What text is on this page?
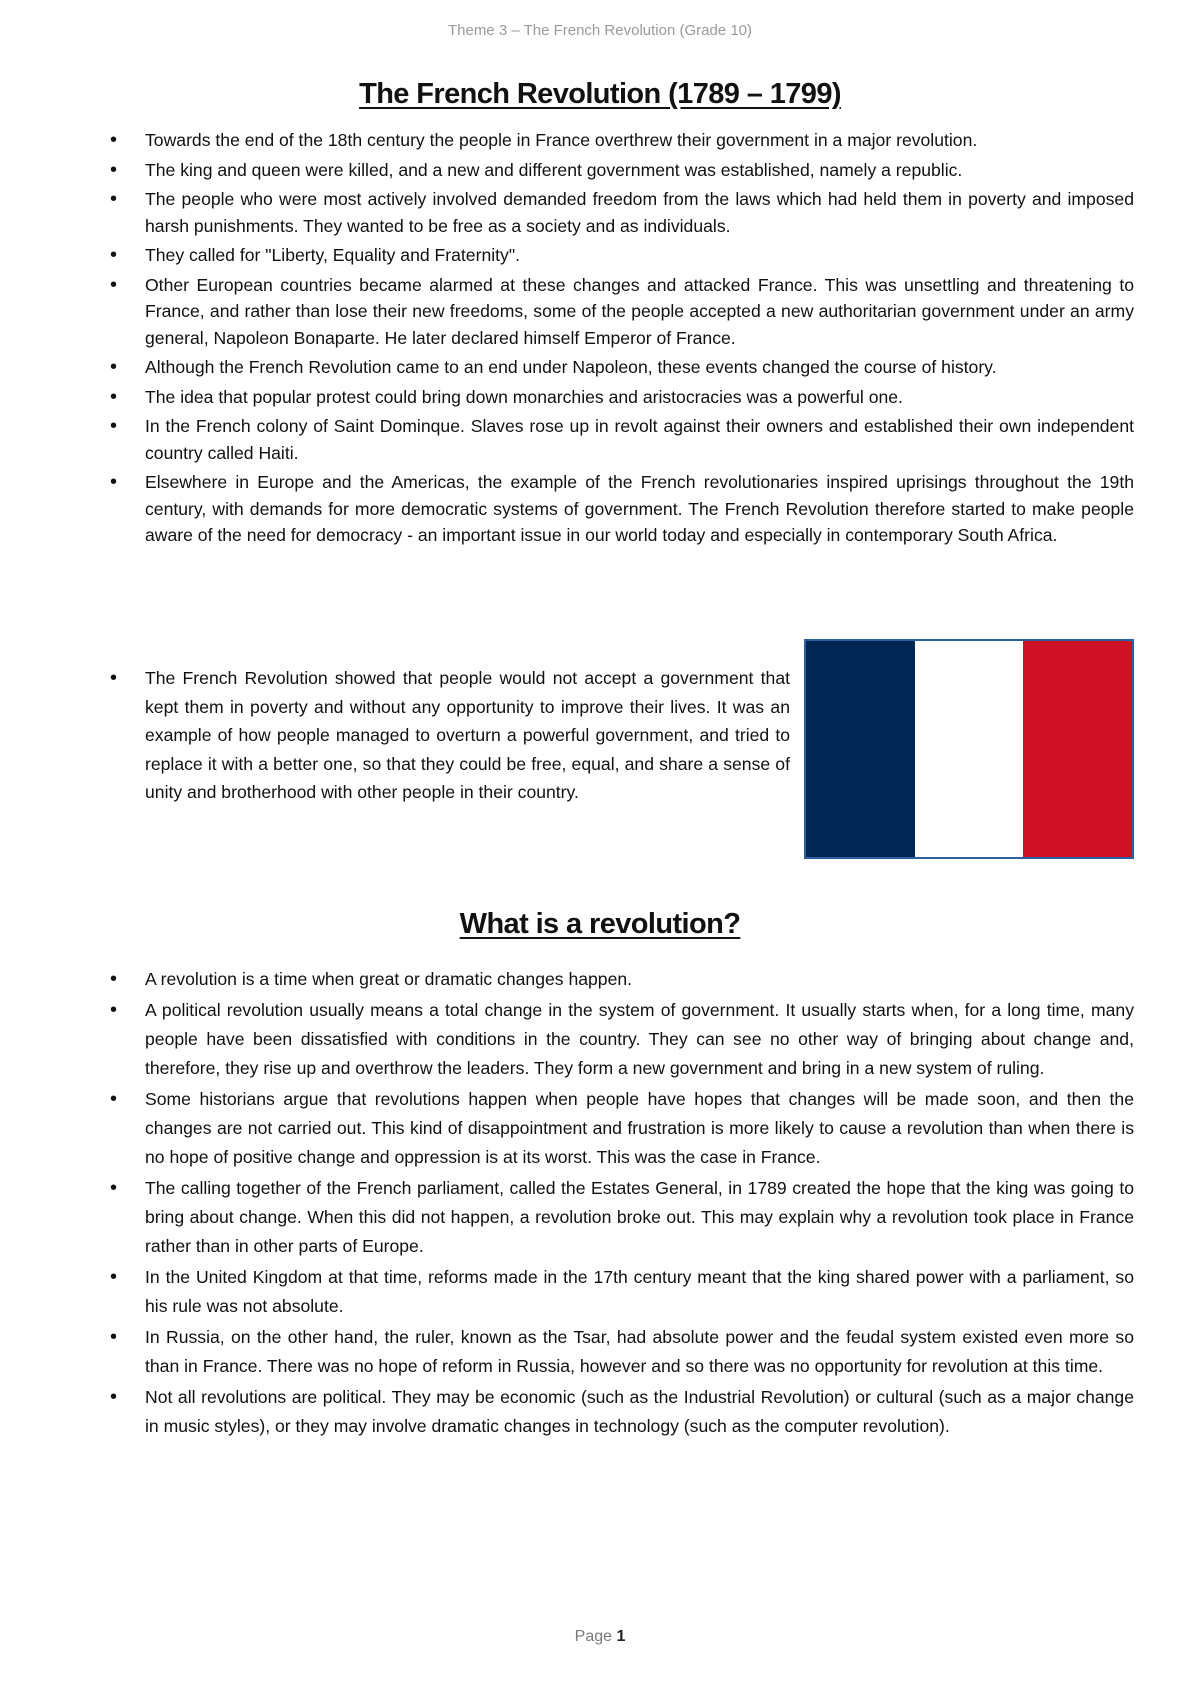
Theme 3 – The French Revolution (Grade 10)
The French Revolution (1789 – 1799)
• Towards the end of the 18th century the people in France overthrew their government in a major revolution.
• The king and queen were killed, and a new and different government was established, namely a republic.
• The people who were most actively involved demanded freedom from the laws which had held them in poverty and imposed harsh punishments. They wanted to be free as a society and as individuals.
• They called for "Liberty, Equality and Fraternity".
• Other European countries became alarmed at these changes and attacked France. This was unsettling and threatening to France, and rather than lose their new freedoms, some of the people accepted a new authoritarian government under an army general, Napoleon Bonaparte. He later declared himself Emperor of France.
• Although the French Revolution came to an end under Napoleon, these events changed the course of history.
• The idea that popular protest could bring down monarchies and aristocracies was a powerful one.
• In the French colony of Saint Dominque. Slaves rose up in revolt against their owners and established their own independent country called Haiti.
• Elsewhere in Europe and the Americas, the example of the French revolutionaries inspired uprisings throughout the 19th century, with demands for more democratic systems of government. The French Revolution therefore started to make people aware of the need for democracy - an important issue in our world today and especially in contemporary South Africa.
• The French Revolution showed that people would not accept a government that kept them in poverty and without any opportunity to improve their lives. It was an example of how people managed to overturn a powerful government, and tried to replace it with a better one, so that they could be free, equal, and share a sense of unity and brotherhood with other people in their country.
What is a revolution?
• A revolution is a time when great or dramatic changes happen.
• A political revolution usually means a total change in the system of government. It usually starts when, for a long time, many people have been dissatisfied with conditions in the country. They can see no other way of bringing about change and, therefore, they rise up and overthrow the leaders. They form a new government and bring in a new system of ruling.
• Some historians argue that revolutions happen when people have hopes that changes will be made soon, and then the changes are not carried out. This kind of disappointment and frustration is more likely to cause a revolution than when there is no hope of positive change and oppression is at its worst. This was the case in France.
• The calling together of the French parliament, called the Estates General, in 1789 created the hope that the king was going to bring about change. When this did not happen, a revolution broke out. This may explain why a revolution took place in France rather than in other parts of Europe.
• In the United Kingdom at that time, reforms made in the 17th century meant that the king shared power with a parliament, so his rule was not absolute.
• In Russia, on the other hand, the ruler, known as the Tsar, had absolute power and the feudal system existed even more so than in France. There was no hope of reform in Russia, however and so there was no opportunity for revolution at this time.
• Not all revolutions are political. They may be economic (such as the Industrial Revolution) or cultural (such as a major change in music styles), or they may involve dramatic changes in technology (such as the computer revolution).
Page 1
